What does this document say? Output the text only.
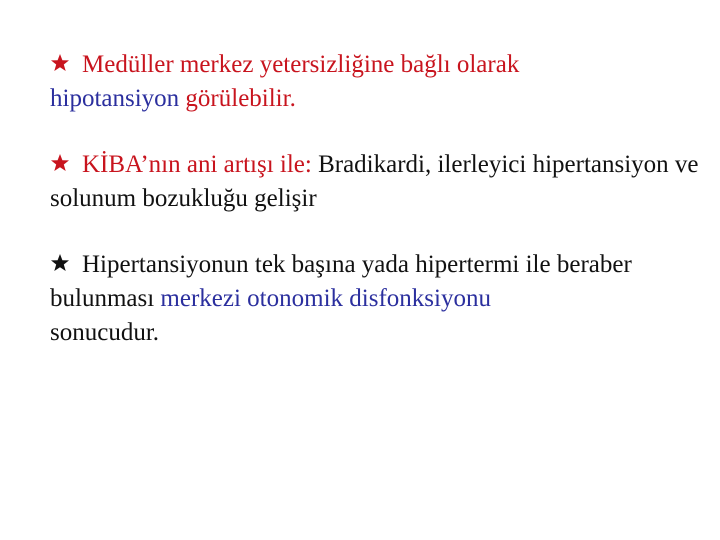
Medüller merkez yetersizliğine bağlı olarak
hipotansiyon görülebilir.

KİBA’nın ani artışı ile: Bradikardi, ilerleyici hipertansiyon ve solunum bozukluğu gelişir

Hipertansiyonun tek başına yada hipertermi ile beraber bulunması merkezi otonomik disfonksiyonu
sonucudur.
